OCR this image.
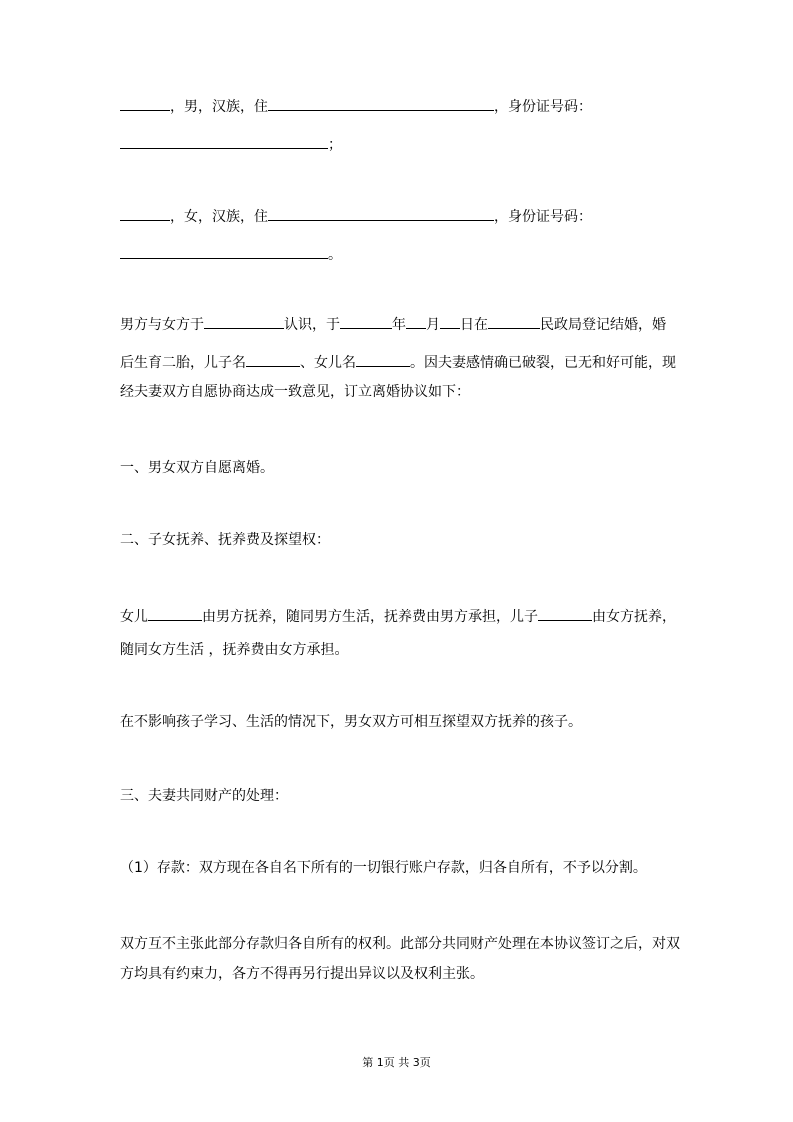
，男，汉族，住	，身份证号码：
；
，女，汉族，住	，身份证号码：
。
男方与女方于	认识，于	年 月 日在	民政局登记结婚，婚
后生育二胎，儿子名	、女儿名	。因夫妻感情确已破裂，已无和好可能，现
经夫妻双方自愿协商达成一致意见，订立离婚协议如下：
一、男女双方自愿离婚。
二、子女抚养、抚养费及探望权：
女儿	由男方抚养，随同男方生活，抚养费由男方承担，儿子	由女方抚养，
随同女方生活 ，抚养费由女方承担。
在不影响孩子学习、生活的情况下，男女双方可相互探望双方抚养的孩子。
三、夫妻共同财产的处理：
（1）存款：双方现在各自名下所有的一切银行账户存款，归各自所有，不予以分割。
双方互不主张此部分存款归各自所有的权利。此部分共同财产处理在本协议签订之后，对双
方均具有约束力，各方不得再另行提出异议以及权利主张。
第 1页 共 3页
